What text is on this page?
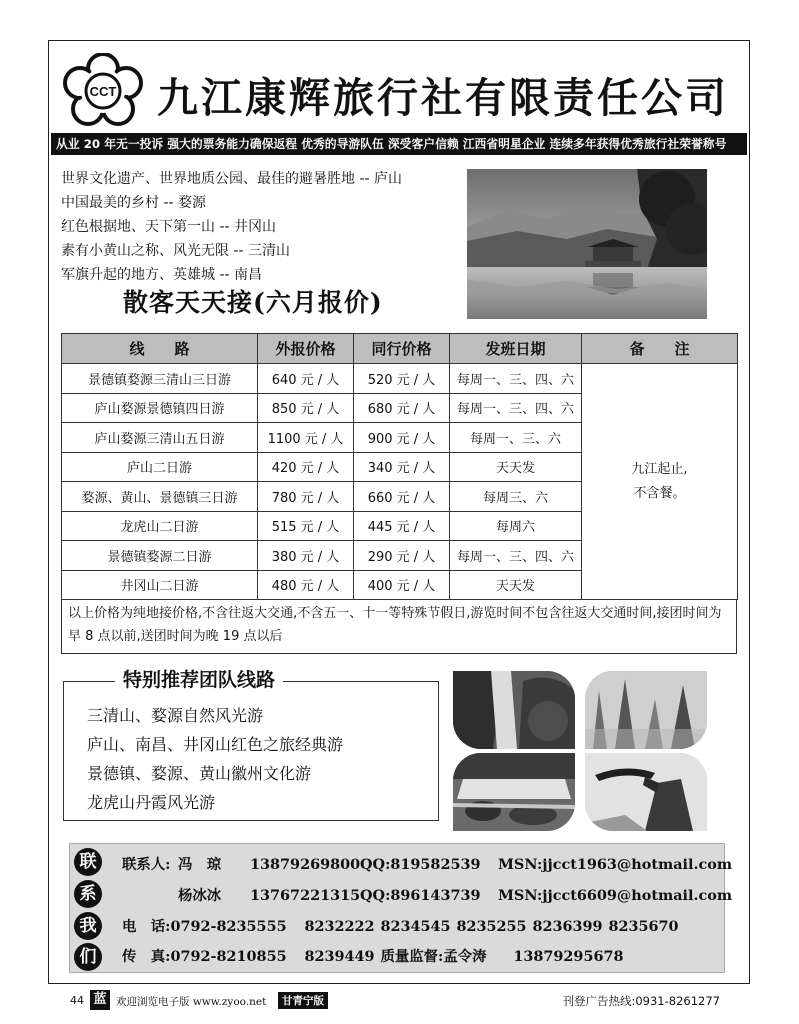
CCT 九江康辉旅行社有限责任公司
从业 20 年无一投诉 强大的票务能力确保返程 优秀的导游队伍 深受客户信赖 江西省明星企业 连续多年获得优秀旅行社荣誉称号
世界文化遗产、世界地质公园、最佳的避暑胜地 -- 庐山
中国最美的乡村 -- 婺源
红色根据地、天下第一山 -- 井冈山
素有小黄山之称、风光无限 -- 三清山
军旗升起的地方、英雄城 -- 南昌
散客天天接(六月报价)
线　　路	外报价格	同行价格	发班日期	备　　注
景德镇婺源三清山三日游	640 元 / 人	520 元 / 人	每周一、三、四、六	九江起止,
不含餐。

庐山婺源景德镇四日游	850 元 / 人	680 元 / 人	每周一、三、四、六	
庐山婺源三清山五日游	1100 元 / 人	900 元 / 人	每周一、三、六	
庐山二日游	420 元 / 人	340 元 / 人	天天发	
婺源、黄山、景德镇三日游	780 元 / 人	660 元 / 人	每周三、六	
龙虎山二日游	515 元 / 人	445 元 / 人	每周六	
景德镇婺源二日游	380 元 / 人	290 元 / 人	每周一、三、四、六	
井冈山二日游	480 元 / 人	400 元 / 人	天天发	
以上价格为纯地接价格,不含往返大交通,不含五一、十一等特殊节假日,游览时间不包含往返大交通时间,接团时间为早 8 点以前,送团时间为晚 19 点以后
特别推荐团队线路
三清山、婺源自然风光游
庐山、南昌、井冈山红色之旅经典游
景德镇、婺源、黄山徽州文化游
龙虎山丹霞风光游
联
系
我
们
联系人: 冯　琼 13879269800QQ:819582539 MSN:jjcct1963@hotmail.com
杨冰冰 13767221315QQ:896143739 MSN:jjcct6609@hotmail.com
电　话:0792-8235555 8232222 8234545 8235255 8236399 8235670
传　真:0792-8210855 8239449 质量监督:孟令涛 13879295678
44 蓝 欢迎浏览电子版 www.zyoo.net	甘青宁版	刊登广告热线:0931-8261277
